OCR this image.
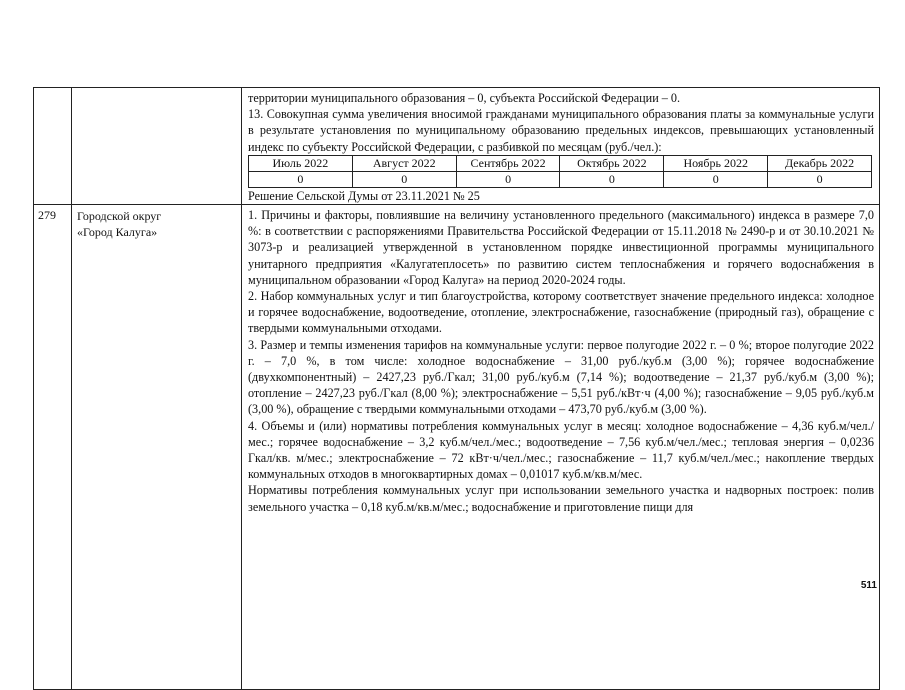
территории муниципального образования – 0, субъекта Российской Федерации – 0.

13. Совокупная сумма увеличения вносимой гражданами муниципального образования платы за коммунальные услуги в результате установления по муниципальному образованию предельных индексов, превышающих установленный индекс по субъекту Российской Федерации, с разбивкой по месяцам (руб./чел.):

Июль 2022	Август 2022	Сентябрь 2022	Октябрь 2022	Ноябрь 2022	Декабрь 2022
0	0	0	0	0	0

Решение Сельской Думы от 23.11.2021 № 25

279	Городской округ
«Город Калуга»

1. Причины и факторы, повлиявшие на величину установленного предельного (максимального) индекса в размере 7,0 %: в соответствии с распоряжениями Правительства Российской Федерации от 15.11.2018 № 2490-р и от 30.10.2021 № 3073-р и реализацией утвержденной в установленном порядке инвестиционной программы муниципального унитарного предприятия «Калугатеплосеть» по развитию систем теплоснабжения и горячего водоснабжения в муниципальном образовании «Город Калуга» на период 2020-2024 годы.

2. Набор коммунальных услуг и тип благоустройства, которому соответствует значение предельного индекса: холодное и горячее водоснабжение, водоотведение, отопление, электроснабжение, газоснабжение (природный газ), обращение с твердыми коммунальными отходами.

3. Размер и темпы изменения тарифов на коммунальные услуги: первое полугодие 2022 г. – 0 %; второе полугодие 2022 г. – 7,0 %, в том числе: холодное водоснабжение – 31,00 руб./куб.м (3,00 %); горячее водоснабжение (двухкомпонентный) – 2427,23 руб./Гкал; 31,00 руб./куб.м (7,14 %); водоотведение – 21,37 руб./куб.м (3,00 %); отопление – 2427,23 руб./Гкал (8,00 %); электроснабжение – 5,51 руб./кВт·ч (4,00 %); газоснабжение – 9,05 руб./куб.м (3,00 %), обращение с твердыми коммунальными отходами – 473,70 руб./куб.м (3,00 %).

4. Объемы и (или) нормативы потребления коммунальных услуг в месяц: холодное водоснабжение – 4,36 куб.м/чел./мес.; горячее водоснабжение – 3,2 куб.м/чел./мес.; водоотведение – 7,56 куб.м/чел./мес.; тепловая энергия – 0,0236 Гкал/кв. м/мес.; электроснабжение – 72 кВт·ч/чел./мес.; газоснабжение – 11,7 куб.м/чел./мес.; накопление твердых коммунальных отходов в многоквартирных домах – 0,01017 куб.м/кв.м/мес.

Нормативы потребления коммунальных услуг при использовании земельного участка и надворных построек: полив земельного участка – 0,18 куб.м/кв.м/мес.; водоснабжение и приготовление пищи для

511
